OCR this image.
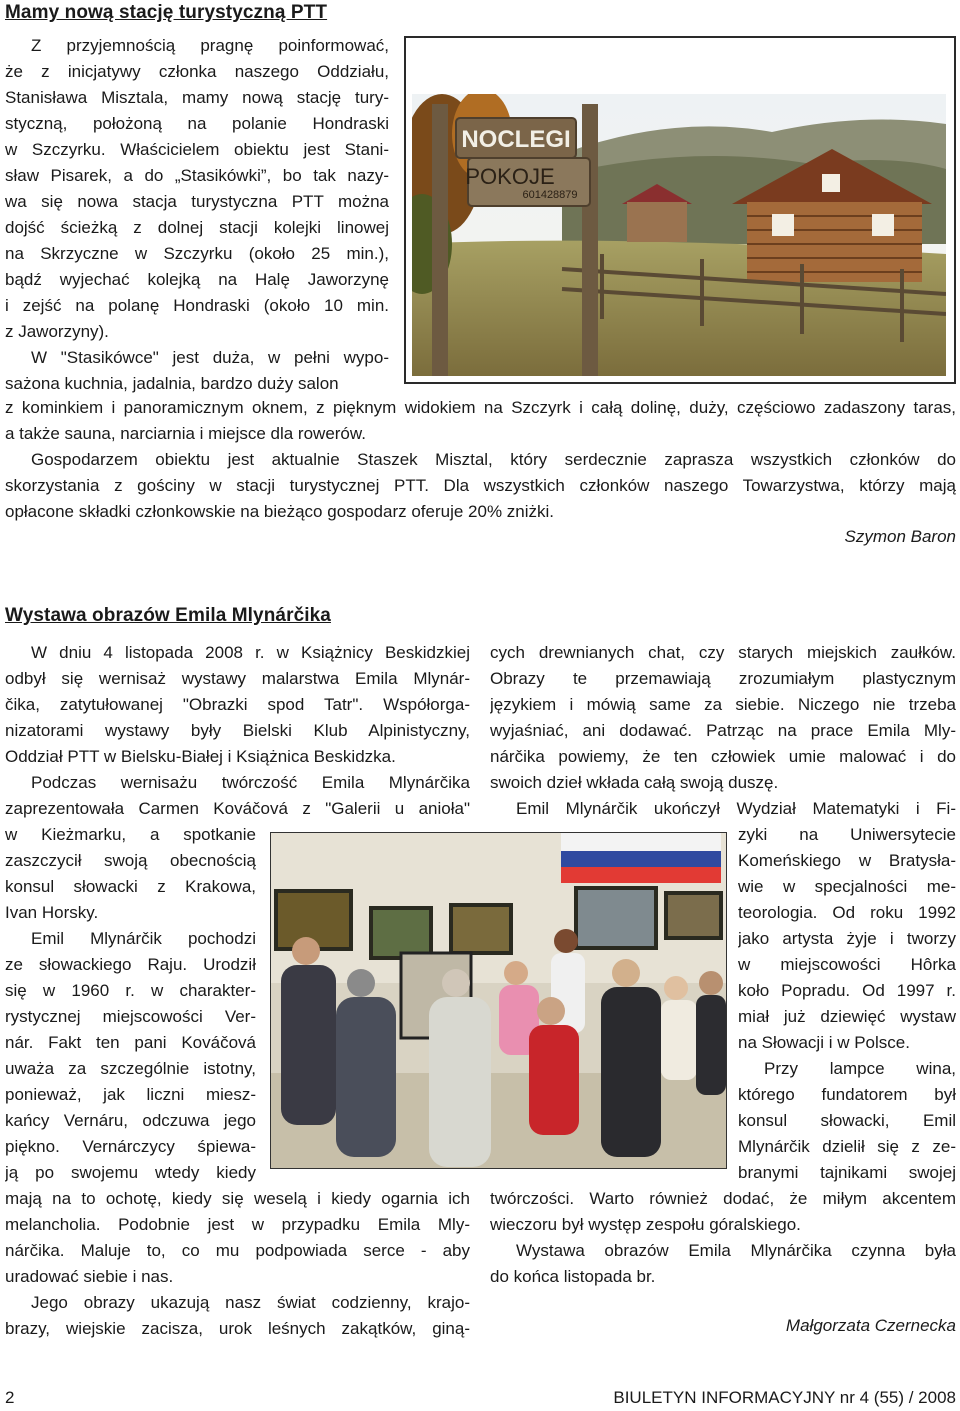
Mamy nową stację turystyczną PTT
Z przyjemnością pragnę poinformować,
że z inicjatywy członka naszego Oddziału,
Stanisława Misztala, mamy nową stację tury-
styczną, położoną na polanie Hondraski
w Szczyrku. Właścicielem obiektu jest Stani-
sław Pisarek, a do „Stasikówki”, bo tak nazy-
wa się nowa stacja turystyczna PTT można
dojść ścieżką z dolnej stacji kolejki linowej
na Skrzyczne w Szczyrku (około 25 min.),
bądź wyjechać kolejką na Halę Jaworzynę
i zejść na polanę Hondraski (około 10 min.
z Jaworzyny).
W "Stasikówce" jest duża, w pełni wypo-
sażona kuchnia, jadalnia, bardzo duży salon
NOCLEGI
POKOJE
601428879
z kominkiem i panoramicznym oknem, z pięknym widokiem na Szczyrk i całą dolinę, duży, częściowo zadaszony taras,
a także sauna, narciarnia i miejsce dla rowerów.
Gospodarzem obiektu jest aktualnie Staszek Misztal, który serdecznie zaprasza wszystkich członków do
skorzystania z gościny w stacji turystycznej PTT. Dla wszystkich członków naszego Towarzystwa, którzy mają
opłacone składki członkowskie na bieżąco gospodarz oferuje 20% zniżki.
Szymon Baron
Wystawa obrazów Emila Mlynárčika
W dniu 4 listopada 2008 r. w Książnicy Beskidzkiej
odbył się wernisaż wystawy malarstwa Emila Mlynár-
čika, zatytułowanej "Obrazki spod Tatr". Współorga-
nizatorami wystawy były Bielski Klub Alpinistyczny,
Oddział PTT w Bielsku-Białej i Książnica Beskidzka.
Podczas wernisażu twórczość Emila Mlynárčika
zaprezentowała Carmen Kováčová z "Galerii u anioła"
w Kieżmarku, a spotkanie
zaszczycił swoją obecnością
konsul słowacki z Krakowa,
Ivan Horsky.
Emil Mlynárčik pochodzi
ze słowackiego Raju. Urodził
się w 1960 r. w charakter-
rystycznej miejscowości Ver-
nár. Fakt ten pani Kováčová
uważa za szczególnie istotny,
ponieważ, jak liczni miesz-
kańcy Vernáru, odczuwa jego
piękno. Vernárczycy śpiewa-
ją po swojemu wtedy kiedy
mają na to ochotę, kiedy się weselą i kiedy ogarnia ich
melancholia. Podobnie jest w przypadku Emila Mly-
nárčika. Maluje to, co mu podpowiada serce - aby
uradować siebie i nas.
Jego obrazy ukazują nasz świat codzienny, krajo-
brazy, wiejskie zacisza, urok leśnych zakątków, giną-
cych drewnianych chat, czy starych miejskich zaułków.
Obrazy te przemawiają zrozumiałym plastycznym
językiem i mówią same za siebie. Niczego nie trzeba
wyjaśniać, ani dodawać. Patrząc na prace Emila Mly-
nárčika powiemy, że ten człowiek umie malować i do
swoich dzieł wkłada całą swoją duszę.
Emil Mlynárčik ukończył Wydział Matematyki i Fi-
zyki na Uniwersytecie
Komeńskiego w Bratysła-
wie w specjalności me-
teorologia. Od roku 1992
jako artysta żyje i tworzy
w miejscowości Hôrka
koło Popradu. Od 1997 r.
miał już dziewięć wystaw
na Słowacji i w Polsce.
Przy lampce wina,
którego fundatorem był
konsul słowacki, Emil
Mlynárčik dzielił się z ze-
branymi tajnikami swojej
twórczości. Warto również dodać, że miłym akcentem
wieczoru był występ zespołu góralskiego.
Wystawa obrazów Emila Mlynárčika czynna była
do końca listopada br.
Małgorzata Czernecka
2	BIULETYN INFORMACYJNY nr 4 (55) / 2008
